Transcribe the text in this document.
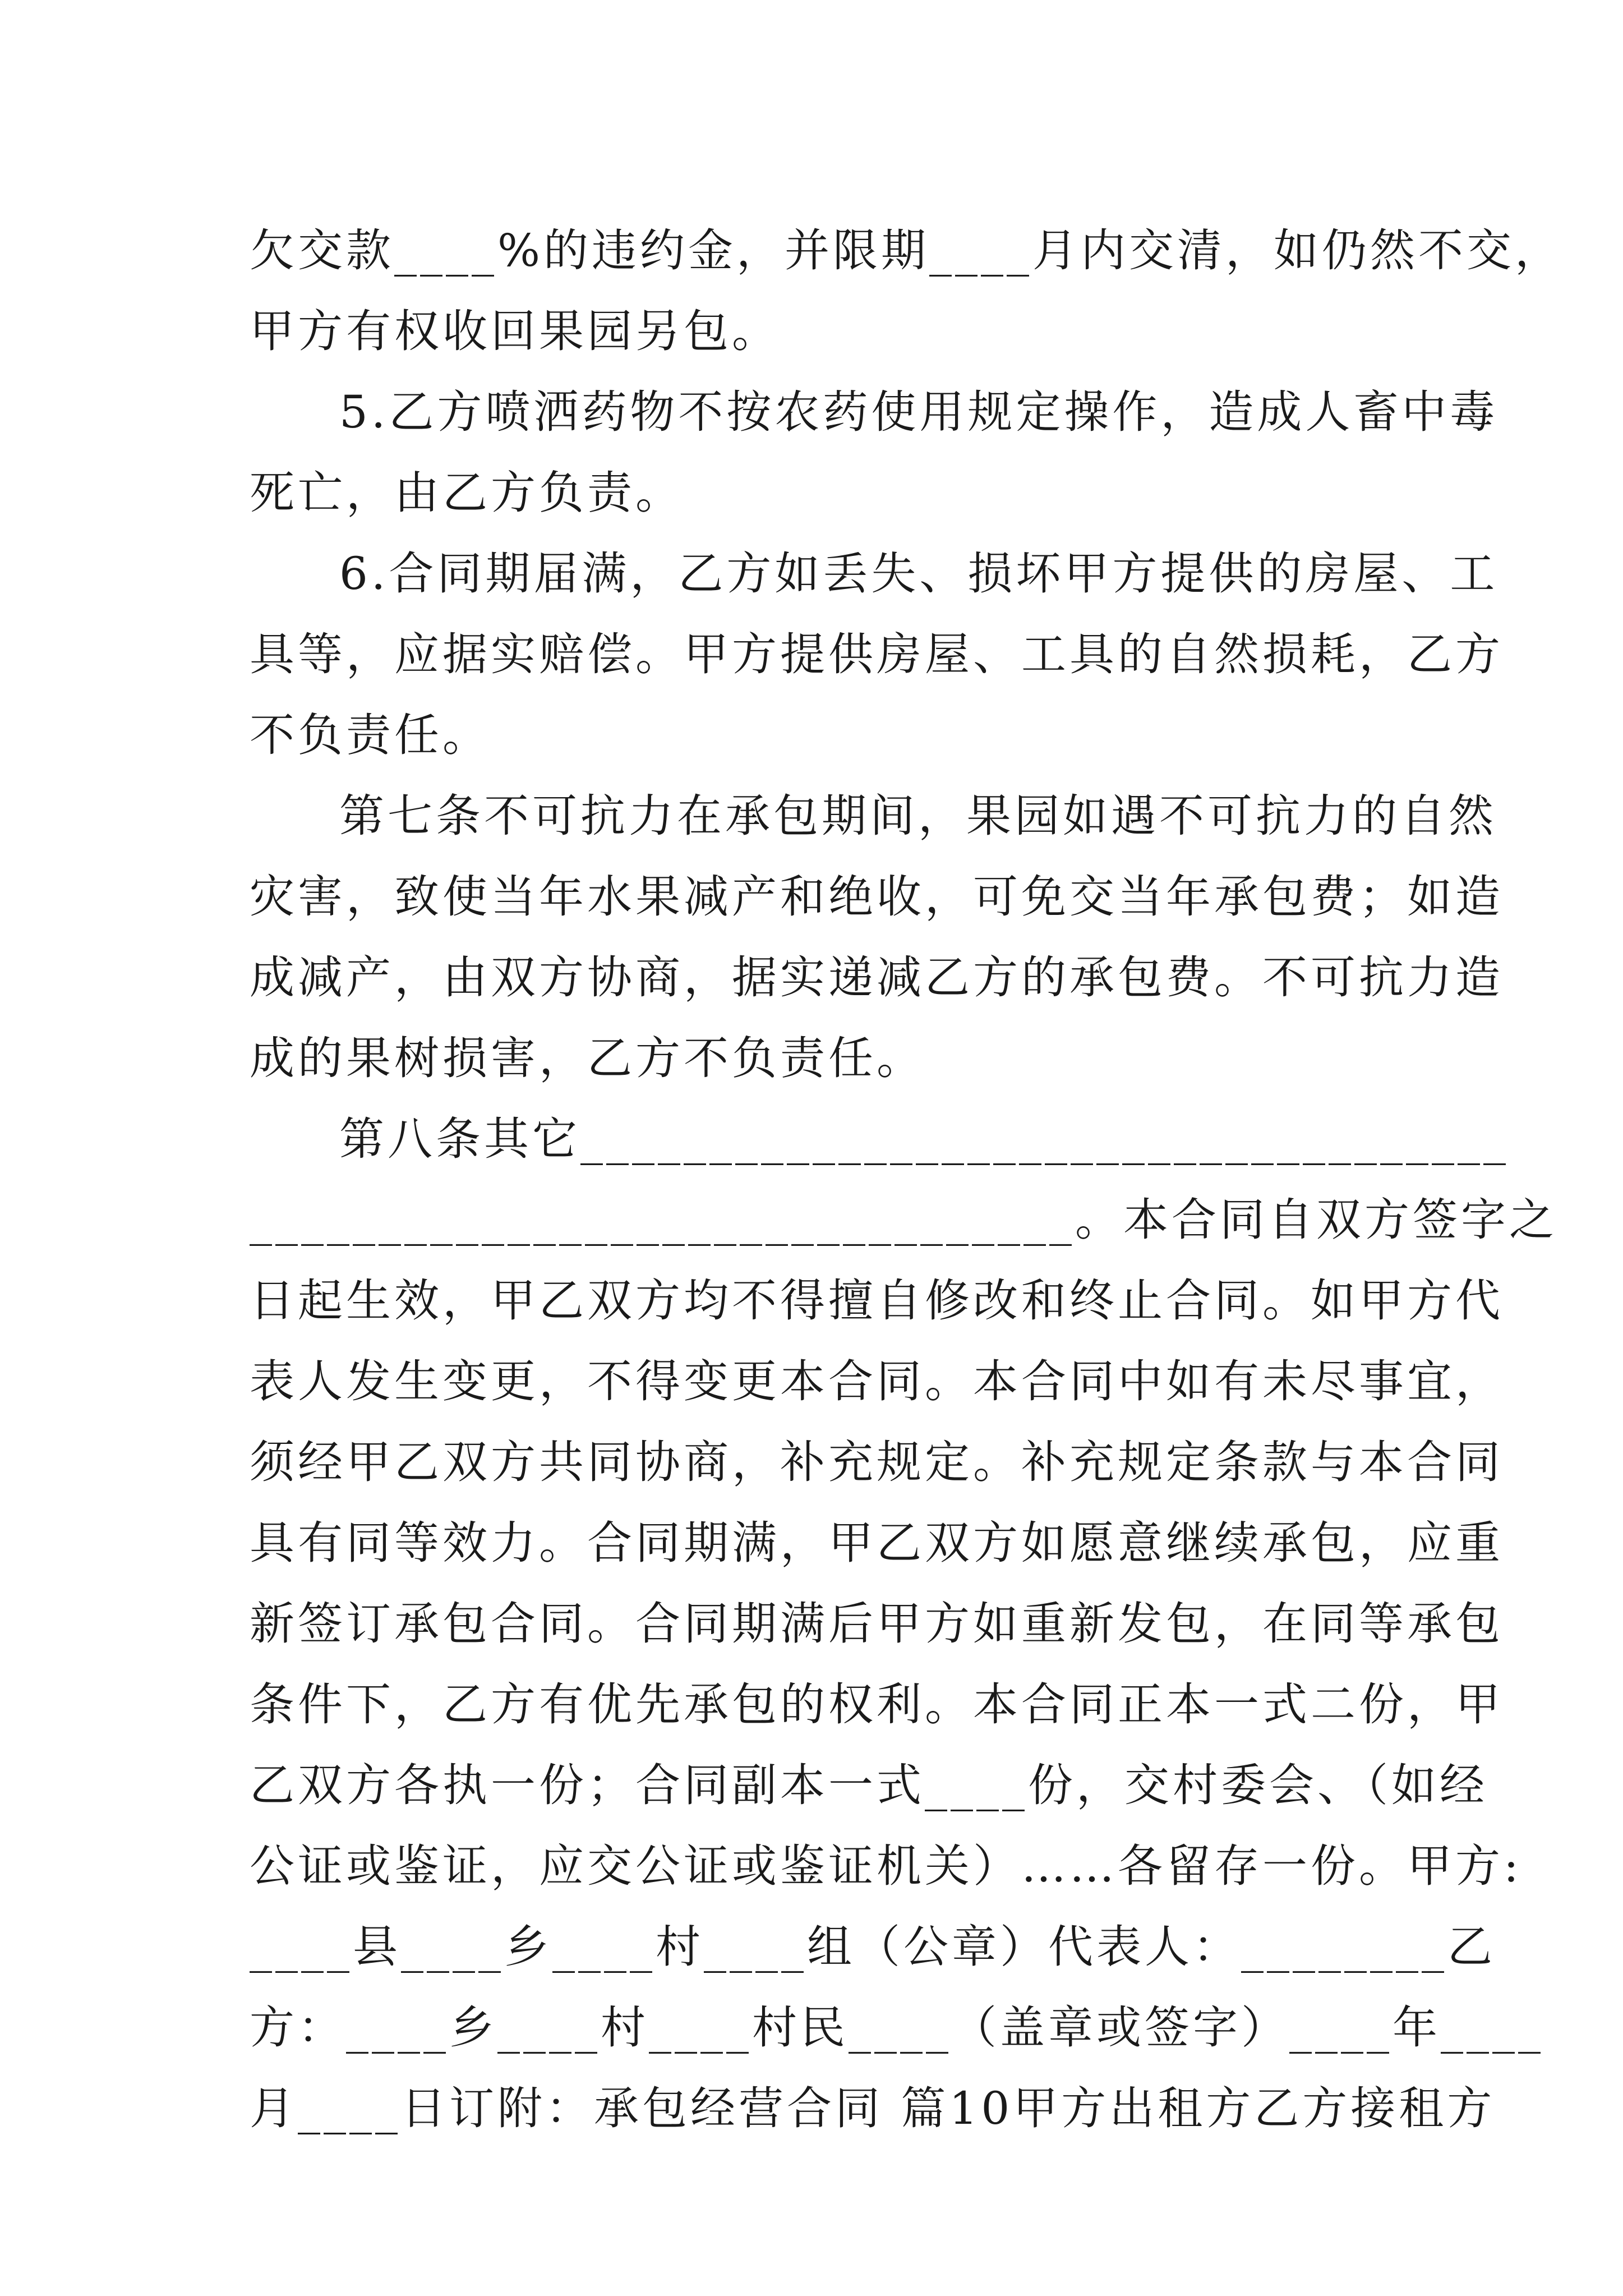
欠交款____%的违约金，并限期____月内交清，如仍然不交，
甲方有权收回果园另包。
5.乙方喷洒药物不按农药使用规定操作，造成人畜中毒
死亡，由乙方负责。
6.合同期届满，乙方如丢失、损坏甲方提供的房屋、工
具等，应据实赔偿。甲方提供房屋、工具的自然损耗，乙方
不负责任。
第七条不可抗力在承包期间，果园如遇不可抗力的自然
灾害，致使当年水果减产和绝收，可免交当年承包费；如造
成减产，由双方协商，据实递减乙方的承包费。不可抗力造
成的果树损害，乙方不负责任。
第八条其它____________________________________
________________________________。本合同自双方签字之
日起生效，甲乙双方均不得擅自修改和终止合同。如甲方代
表人发生变更，不得变更本合同。本合同中如有未尽事宜，
须经甲乙双方共同协商，补充规定。补充规定条款与本合同
具有同等效力。合同期满，甲乙双方如愿意继续承包，应重
新签订承包合同。合同期满后甲方如重新发包，在同等承包
条件下，乙方有优先承包的权利。本合同正本一式二份，甲
乙双方各执一份；合同副本一式____份，交村委会、（如经
公证或鉴证，应交公证或鉴证机关）……各留存一份。甲方:
____县____乡____村____组（公章）代表人：________乙
方：____乡____村____村民____（盖章或签字）____年____
月____日订附：承包经营合同 篇10甲方出租方乙方接租方
